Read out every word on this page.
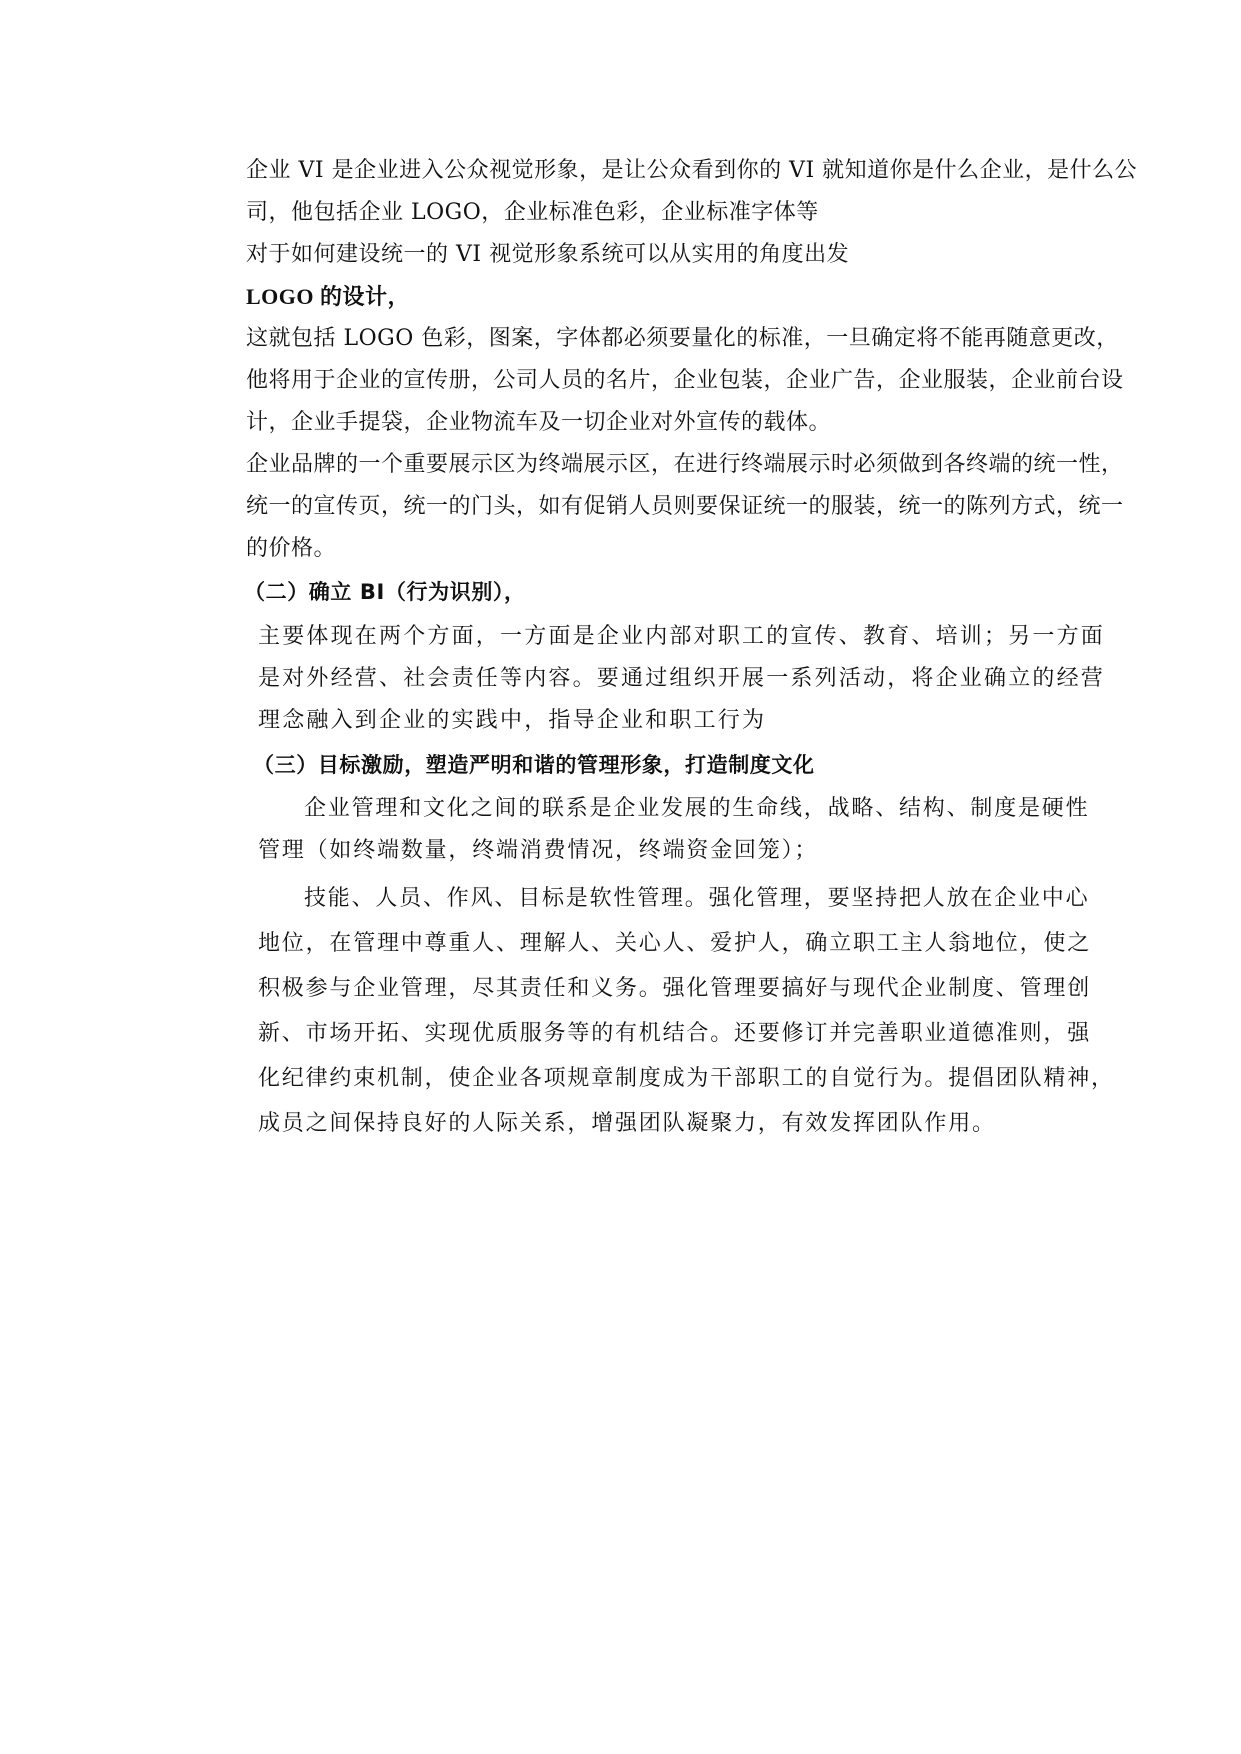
企业 VI 是企业进入公众视觉形象，是让公众看到你的 VI 就知道你是什么企业，是什么公

司，他包括企业 LOGO，企业标准色彩，企业标准字体等

对于如何建设统一的 VI 视觉形象系统可以从实用的角度出发

LOGO 的设计，

这就包括 LOGO 色彩，图案，字体都必须要量化的标准，一旦确定将不能再随意更改，

他将用于企业的宣传册，公司人员的名片，企业包装，企业广告，企业服装，企业前台设

计，企业手提袋，企业物流车及一切企业对外宣传的载体。

企业品牌的一个重要展示区为终端展示区，在进行终端展示时必须做到各终端的统一性，

统一的宣传页，统一的门头，如有促销人员则要保证统一的服装，统一的陈列方式，统一

的价格。

（二）确立 BI（行为识别），

主要体现在两个方面，一方面是企业内部对职工的宣传、教育、培训；另一方面

是对外经营、社会责任等内容。要通过组织开展一系列活动，将企业确立的经营

理念融入到企业的实践中，指导企业和职工行为

（三）目标激励，塑造严明和谐的管理形象，打造制度文化

企业管理和文化之间的联系是企业发展的生命线，战略、结构、制度是硬性

管理（如终端数量，终端消费情况，终端资金回笼）；

技能、人员、作风、目标是软性管理。强化管理，要坚持把人放在企业中心

地位，在管理中尊重人、理解人、关心人、爱护人，确立职工主人翁地位，使之

积极参与企业管理，尽其责任和义务。强化管理要搞好与现代企业制度、管理创

新、市场开拓、实现优质服务等的有机结合。还要修订并完善职业道德准则，强

化纪律约束机制，使企业各项规章制度成为干部职工的自觉行为。提倡团队精神，

成员之间保持良好的人际关系，增强团队凝聚力，有效发挥团队作用。
